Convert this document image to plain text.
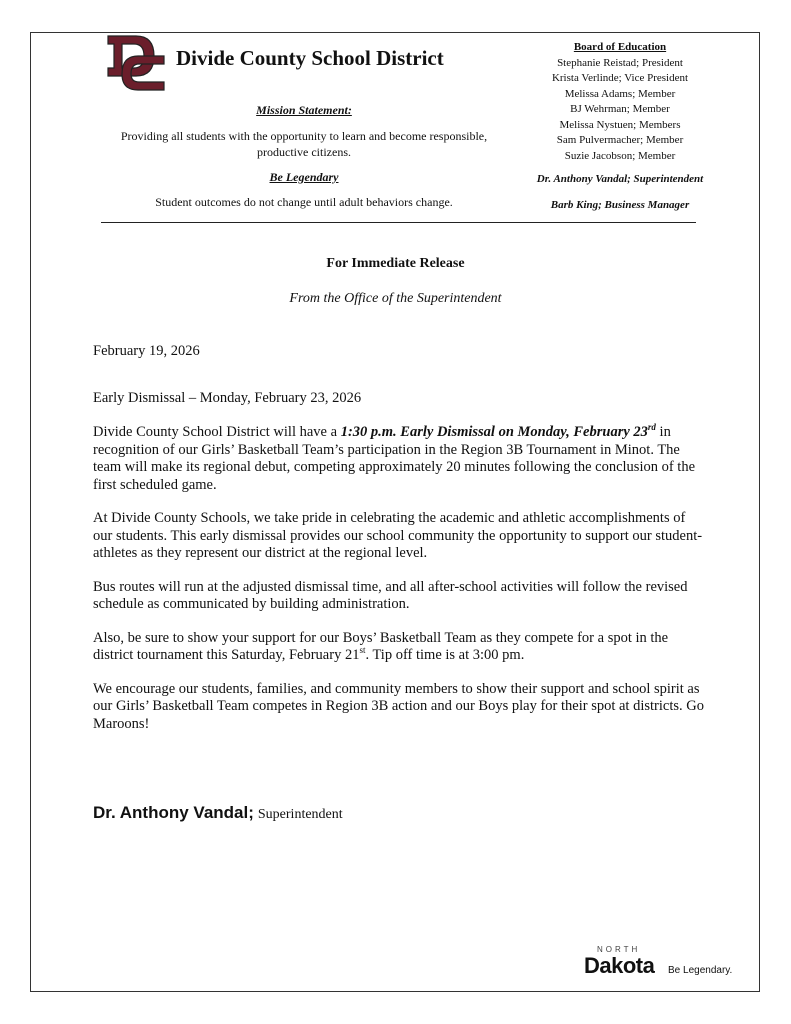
Divide County School District
Mission Statement:
Providing all students with the opportunity to learn and become responsible, productive citizens.
Be Legendary
Student outcomes do not change until adult behaviors change.
Board of Education
Stephanie Reistad; President
Krista Verlinde; Vice President
Melissa Adams; Member
BJ Wehrman; Member
Melissa Nystuen; Members
Sam Pulvermacher; Member
Suzie Jacobson; Member
Dr. Anthony Vandal; Superintendent
Barb King; Business Manager
For Immediate Release
From the Office of the Superintendent
February 19, 2026
Early Dismissal – Monday, February 23, 2026

Divide County School District will have a 1:30 p.m. Early Dismissal on Monday, February 23rd in recognition of our Girls’ Basketball Team’s participation in the Region 3B Tournament in Minot. The team will make its regional debut, competing approximately 20 minutes following the conclusion of the first scheduled game.

At Divide County Schools, we take pride in celebrating the academic and athletic accomplishments of our students. This early dismissal provides our school community the opportunity to support our student-athletes as they represent our district at the regional level.

Bus routes will run at the adjusted dismissal time, and all after-school activities will follow the revised schedule as communicated by building administration.

Also, be sure to show your support for our Boys’ Basketball Team as they compete for a spot in the district tournament this Saturday, February 21st. Tip off time is at 3:00 pm.

We encourage our students, families, and community members to show their support and school spirit as our Girls’ Basketball Team competes in Region 3B action and our Boys play for their spot at districts. Go Maroons!

Dr. Anthony Vandal; Superintendent
NORTH
Dakota Be Legendary.
